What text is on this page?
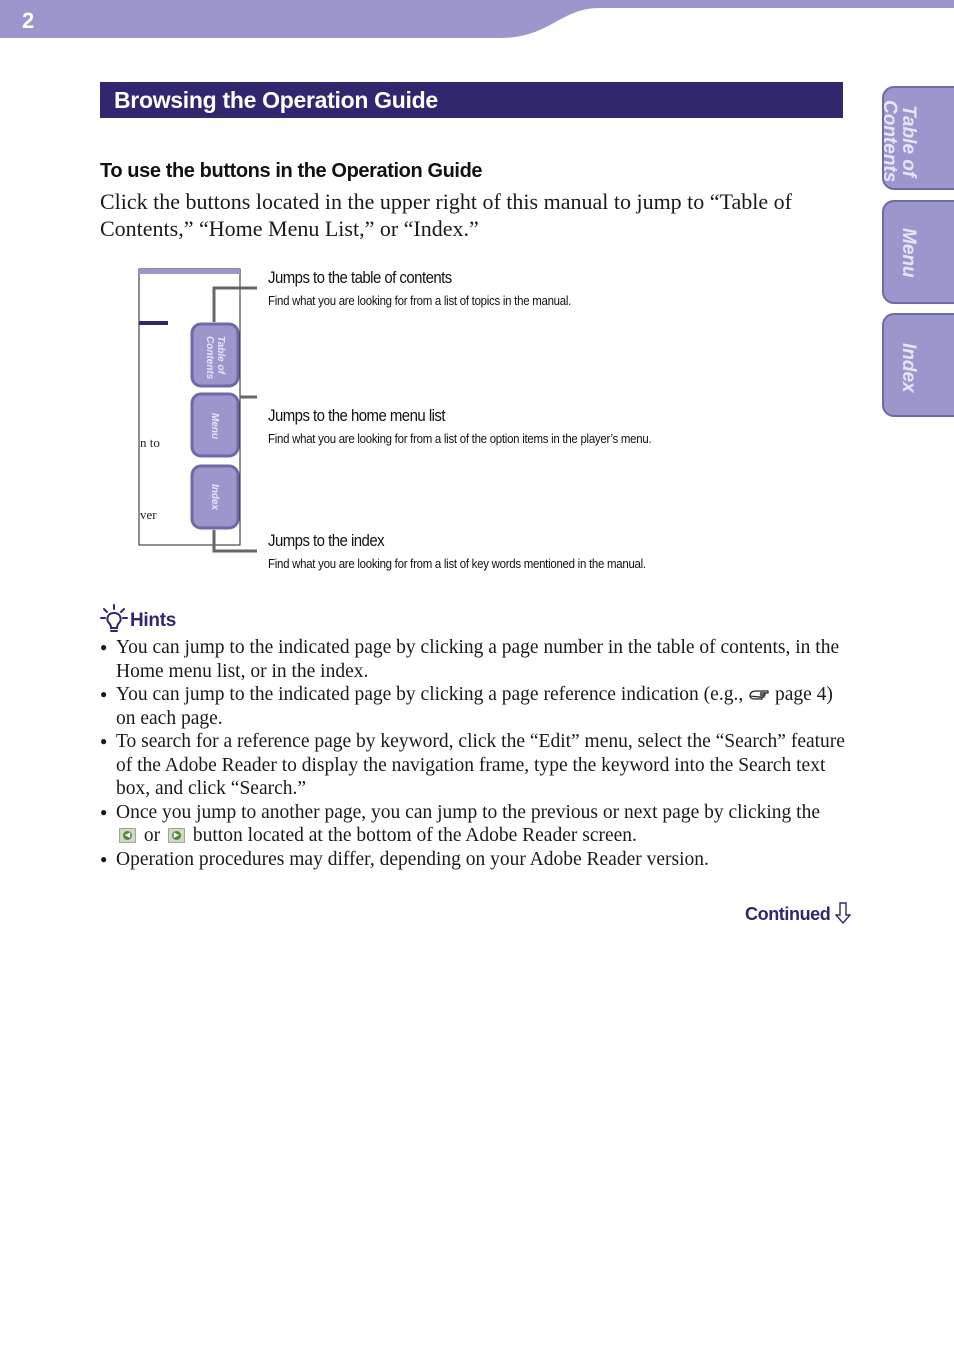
2
Table of
Contents
Menu
Index
Browsing the Operation Guide
To use the buttons in the Operation Guide
Click the buttons located in the upper right of this manual to jump to “Table of Contents,” “Home Menu List,” or “Index.”
Table of
Contents
Menu
Index
n to
ver
Jumps to the table of contents
Find what you are looking for from a list of topics in the manual.
Jumps to the home menu list
Find what you are looking for from a list of the option items in the player’s menu.
Jumps to the index
Find what you are looking for from a list of key words mentioned in the manual.
Hints
● You can jump to the indicated page by clicking a page number in the table of contents, in the Home menu list, or in the index.
● You can jump to the indicated page by clicking a page reference indication (e.g.,  page 4) on each page.
● To search for a reference page by keyword, click the “Edit” menu, select the “Search” feature of the Adobe Reader to display the navigation frame, type the keyword into the Search text box, and click “Search.”
● Once you jump to another page, you can jump to the previous or next page by clicking the
◀ or ▶ button located at the bottom of the Adobe Reader screen.
● Operation procedures may differ, depending on your Adobe Reader version.
Continued
